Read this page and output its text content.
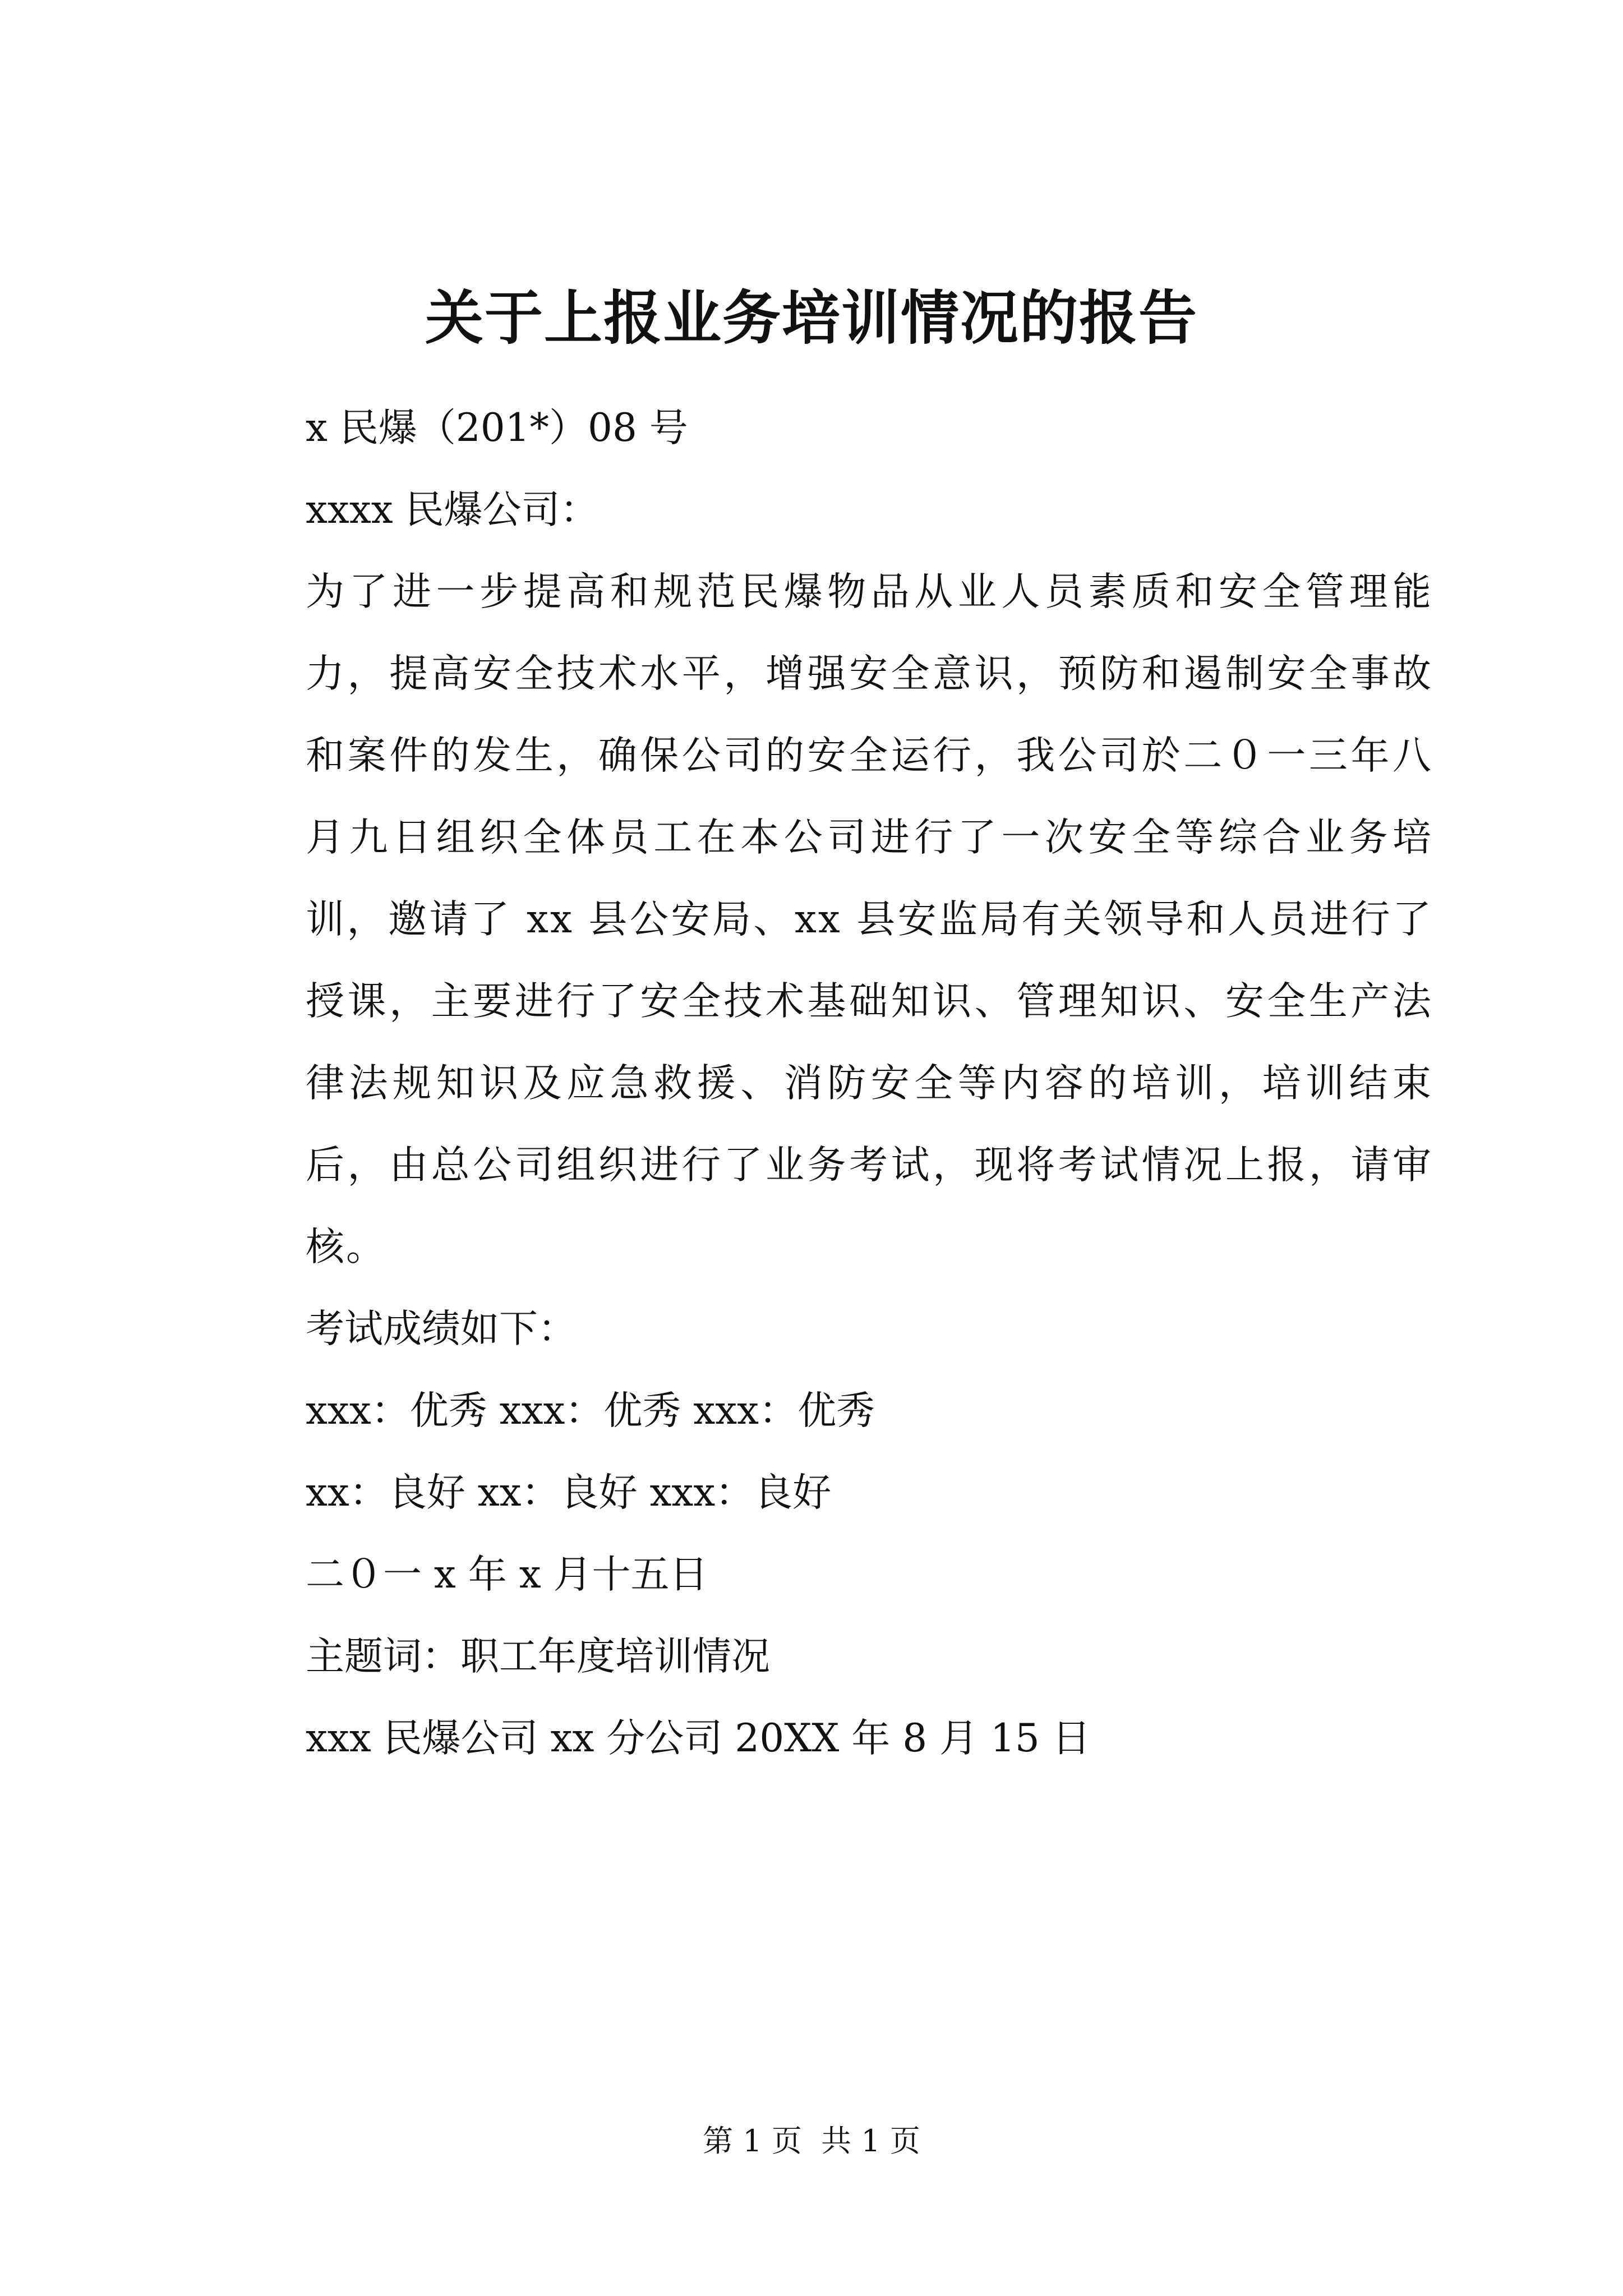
关于上报业务培训情况的报告
x 民爆（201*）08 号
xxxx 民爆公司：
为了进一步提高和规范民爆物品从业人员素质和安全管理能力，提高安全技术水平，增强安全意识，预防和遏制安全事故和案件的发生，确保公司的安全运行，我公司於二０一三年八月九日组织全体员工在本公司进行了一次安全等综合业务培训，邀请了 xx 县公安局、xx 县安监局有关领导和人员进行了授课，主要进行了安全技术基础知识、管理知识、安全生产法律法规知识及应急救援、消防安全等内容的培训，培训结束后，由总公司组织进行了业务考试，现将考试情况上报，请审核。
考试成绩如下：
xxx：优秀 xxx：优秀 xxx：优秀
xx：良好 xx：良好 xxx：良好
二０一 x 年 x 月十五日
主题词：职工年度培训情况
xxx 民爆公司 xx 分公司 20XX 年 8 月 15 日
第 1 页  共 1 页
